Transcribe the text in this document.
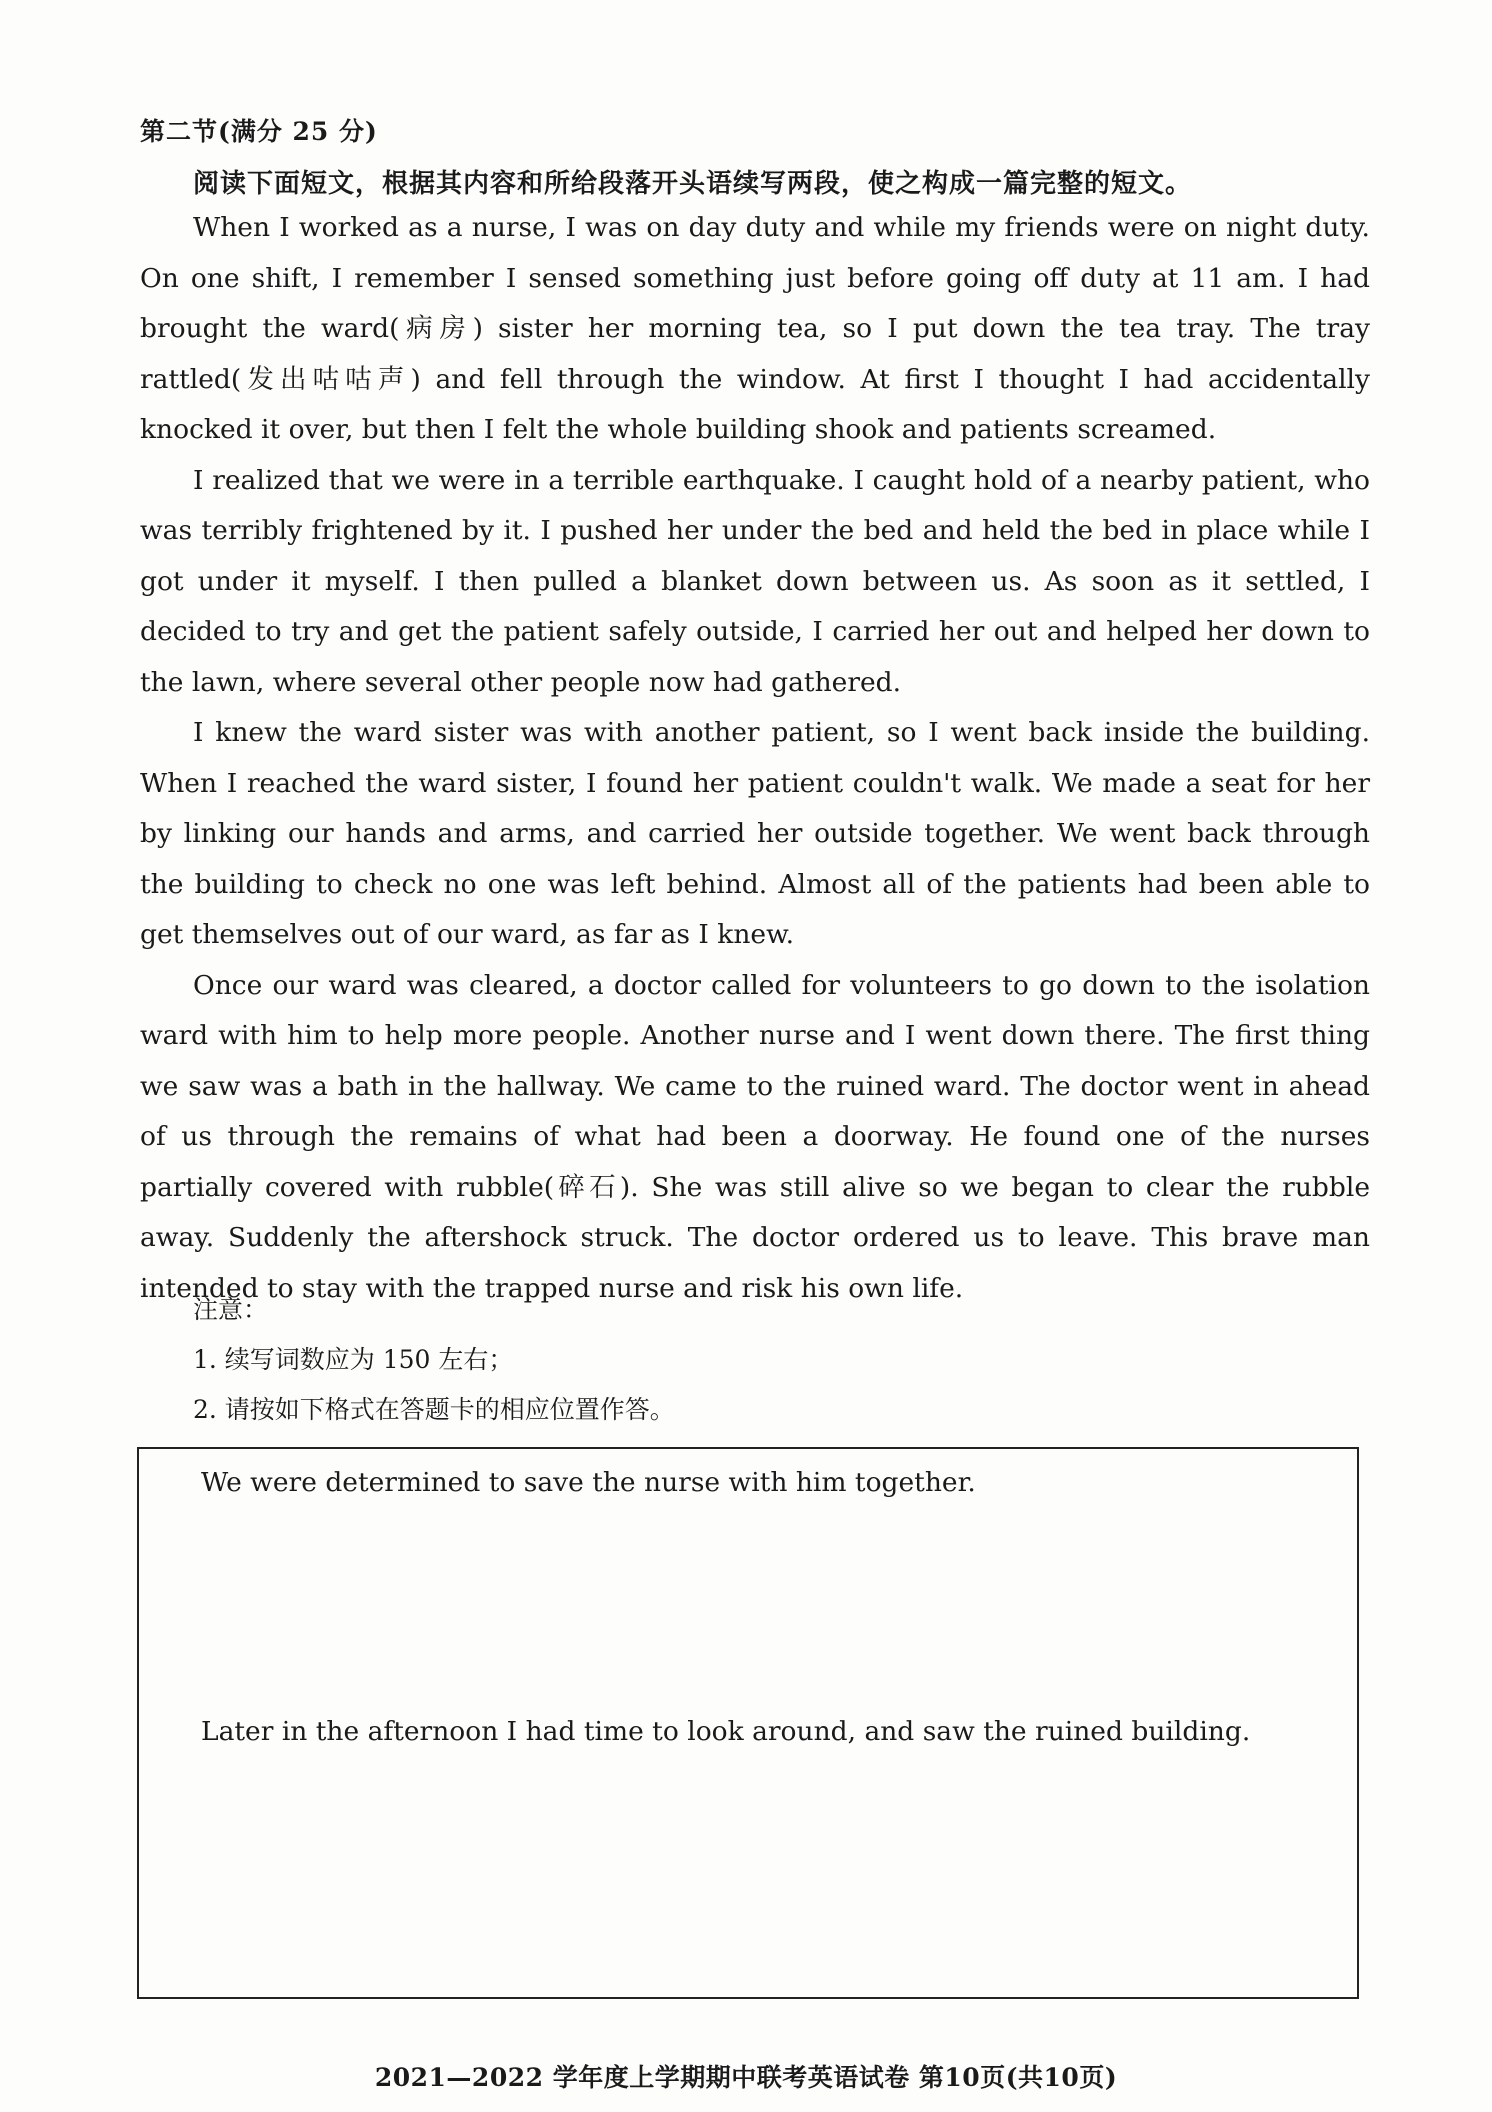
第二节(满分 25 分)
阅读下面短文，根据其内容和所给段落开头语续写两段，使之构成一篇完整的短文。

When I worked as a nurse, I was on day duty and while my friends were on night duty. On one shift, I remember I sensed something just before going off duty at 11 am. I had brought the ward(病房) sister her morning tea, so I put down the tea tray. The tray rattled(发出咕咕声) and fell through the window. At first I thought I had accidentally knocked it over, but then I felt the whole building shook and patients screamed.

I realized that we were in a terrible earthquake. I caught hold of a nearby patient, who was terribly frightened by it. I pushed her under the bed and held the bed in place while I got under it myself. I then pulled a blanket down between us. As soon as it settled, I decided to try and get the patient safely outside, I carried her out and helped her down to the lawn, where several other people now had gathered.

I knew the ward sister was with another patient, so I went back inside the building. When I reached the ward sister, I found her patient couldn't walk. We made a seat for her by linking our hands and arms, and carried her outside together. We went back through the building to check no one was left behind. Almost all of the patients had been able to get themselves out of our ward, as far as I knew.

Once our ward was cleared, a doctor called for volunteers to go down to the isolation ward with him to help more people. Another nurse and I went down there. The first thing we saw was a bath in the hallway. We came to the ruined ward. The doctor went in ahead of us through the remains of what had been a doorway. He found one of the nurses partially covered with rubble(碎石). She was still alive so we began to clear the rubble away. Suddenly the aftershock struck. The doctor ordered us to leave. This brave man intended to stay with the trapped nurse and risk his own life.

注意：
1. 续写词数应为 150 左右；
2. 请按如下格式在答题卡的相应位置作答。
We were determined to save the nurse with him together.
Later in the afternoon I had time to look around, and saw the ruined building.
2021—2022 学年度上学期期中联考英语试卷 第10页(共10页)
